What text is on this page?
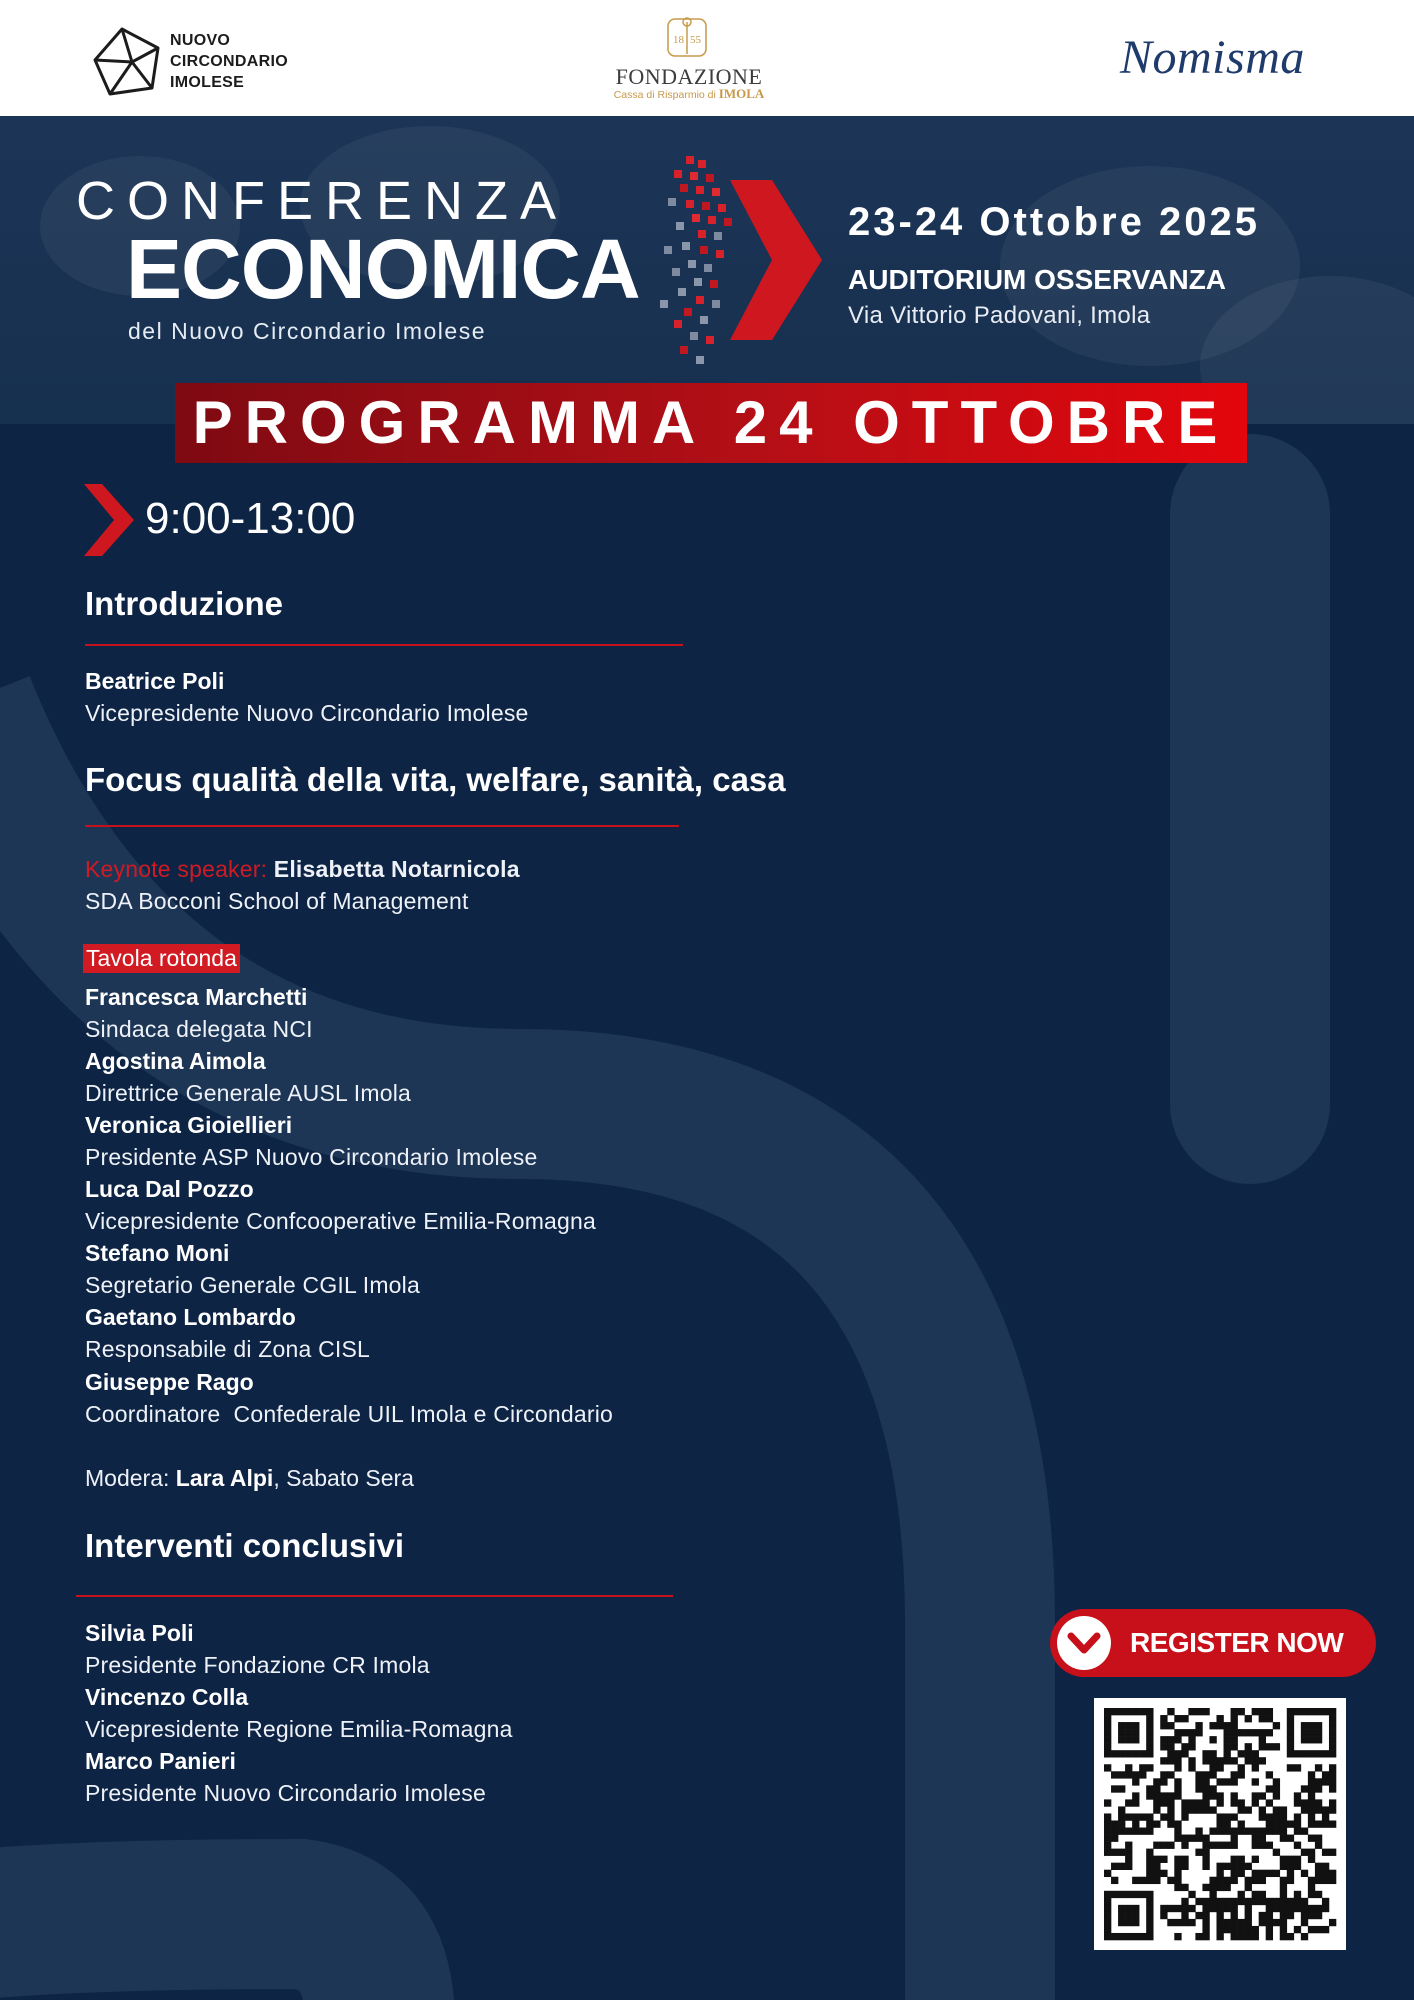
NUOVO
CIRCONDARIO
IMOLESE
18 55
FONDAZIONE
Cassa di Risparmio di IMOLA
Nomisma
CONFERENZA
ECONOMICA
del Nuovo Circondario Imolese
23-24 Ottobre 2025
AUDITORIUM OSSERVANZA
Via Vittorio Padovani, Imola
PROGRAMMA 24 OTTOBRE
9:00-13:00
Introduzione
Beatrice Poli
Vicepresidente Nuovo Circondario Imolese
Focus qualità della vita, welfare, sanità, casa
Keynote speaker: Elisabetta Notarnicola
SDA Bocconi School of Management
Tavola rotonda
Francesca Marchetti
Sindaca delegata NCI
Agostina Aimola
Direttrice Generale AUSL Imola
Veronica Gioiellieri
Presidente ASP Nuovo Circondario Imolese
Luca Dal Pozzo
Vicepresidente Confcooperative Emilia-Romagna
Stefano Moni
Segretario Generale CGIL Imola
Gaetano Lombardo
Responsabile di Zona CISL
Giuseppe Rago
Coordinatore  Confederale UIL Imola e Circondario
Modera: Lara Alpi, Sabato Sera
Interventi conclusivi
Silvia Poli
Presidente Fondazione CR Imola
Vincenzo Colla
Vicepresidente Regione Emilia-Romagna
Marco Panieri
Presidente Nuovo Circondario Imolese
REGISTER NOW
